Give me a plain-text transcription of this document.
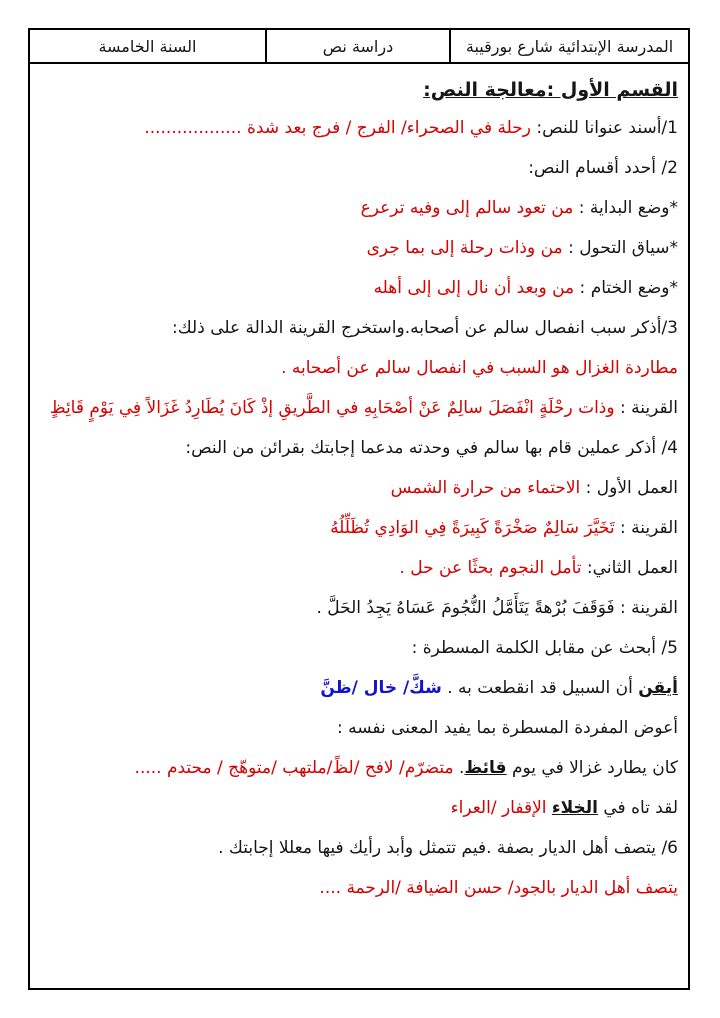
المدرسة الإبتدائية شارع بورقيبة
دراسة نص
السنة الخامسة
القسم الأول :معالجة النص:
1/أسند عنوانا للنص: رحلة في الصحراء/ الفرج / فرج بعد شدة ..................
2/ أحدد أقسام النص:
*وضع البداية : من تعود سالم إلى وفيه ترعرع
*سياق التحول : من وذات رحلة إلى بما جرى
*وضع الختام : من وبعد أن نال إلى إلى أهله
3/أذكر سبب انفصال سالم عن أصحابه.واستخرج القرينة الدالة على ذلك:
مطاردة الغزال هو السبب في انفصال سالم عن أصحابه .
القرينة : وذات رحْلَةٍ انْفَصَلَ سالِمٌ عَنْ أصْحَابِهِ في الطَّريقِ إذْ كَانَ يُطَارِدُ غَزَالاً فِي يَوْمٍ قَائِظٍ
4/ أذكر عملين قام بها سالم في وحدته مدعما إجابتك بقرائن من النص:
العمل الأول : الاحتماء من حرارة الشمس
القرينة : تَخَيَّرَ سَالِمٌ صَخْرَةً كَبِيرَةً فِي الوَادِي تُظَلِّلُهُ
العمل الثاني: تأمل النجوم بحثًا عن حل .
القرينة : فَوَقَفَ بُرْهةً يَتَأَمَّلُ النُّجُومَ عَسَاهُ يَجِدُ الحَلَّ .
5/ أبحث عن مقابل الكلمة المسطرة :
أيقن أن السبيل قد انقطعت به . شكَّ/ خال /ظنَّ
أعوض المفردة المسطرة بما يفيد المعنى نفسه :
كان يطارد غزالا في يوم قائظ. متضرّم/ لافح /لظً/ملتهب /متوهّج / محتدم .....
لقد تاه في الخلاء الإقفار /العراء
6/ يتصف أهل الديار بصفة .فيم تتمثل وأبد رأيك فيها معللا إجابتك .
يتصف أهل الديار بالجود/ حسن الضيافة /الرحمة ....
